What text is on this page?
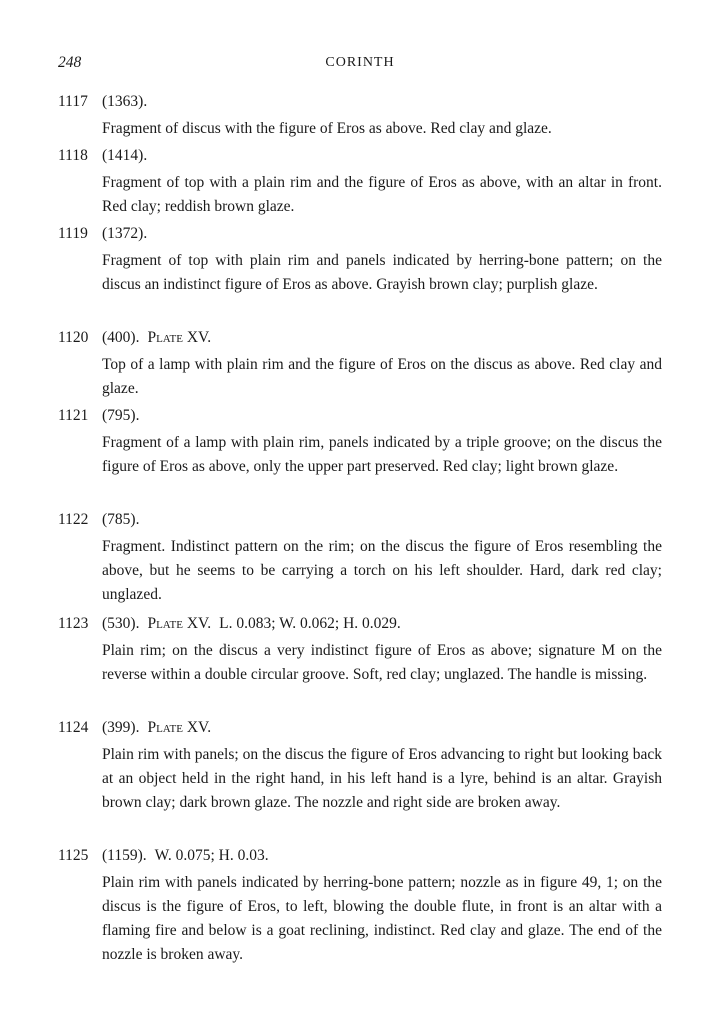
248	CORINTH
1117 (1363).
Fragment of discus with the figure of Eros as above. Red clay and glaze.
1118 (1414).
Fragment of top with a plain rim and the figure of Eros as above, with an altar in front. Red clay; reddish brown glaze.
1119 (1372).
Fragment of top with plain rim and panels indicated by herring-bone pattern; on the discus an indistinct figure of Eros as above. Grayish brown clay; purplish glaze.
1120 (400). Plate XV.
Top of a lamp with plain rim and the figure of Eros on the discus as above. Red clay and glaze.
1121 (795).
Fragment of a lamp with plain rim, panels indicated by a triple groove; on the discus the figure of Eros as above, only the upper part preserved. Red clay; light brown glaze.
1122 (785).
Fragment. Indistinct pattern on the rim; on the discus the figure of Eros resembling the above, but he seems to be carrying a torch on his left shoulder. Hard, dark red clay; unglazed.
1123 (530). Plate XV. L. 0.083; W. 0.062; H. 0.029.
Plain rim; on the discus a very indistinct figure of Eros as above; signature M on the reverse within a double circular groove. Soft, red clay; unglazed. The handle is missing.
1124 (399). Plate XV.
Plain rim with panels; on the discus the figure of Eros advancing to right but looking back at an object held in the right hand, in his left hand is a lyre, behind is an altar. Grayish brown clay; dark brown glaze. The nozzle and right side are broken away.
1125 (1159). W. 0.075; H. 0.03.
Plain rim with panels indicated by herring-bone pattern; nozzle as in figure 49, 1; on the discus is the figure of Eros, to left, blowing the double flute, in front is an altar with a flaming fire and below is a goat reclining, indistinct. Red clay and glaze. The end of the nozzle is broken away.
